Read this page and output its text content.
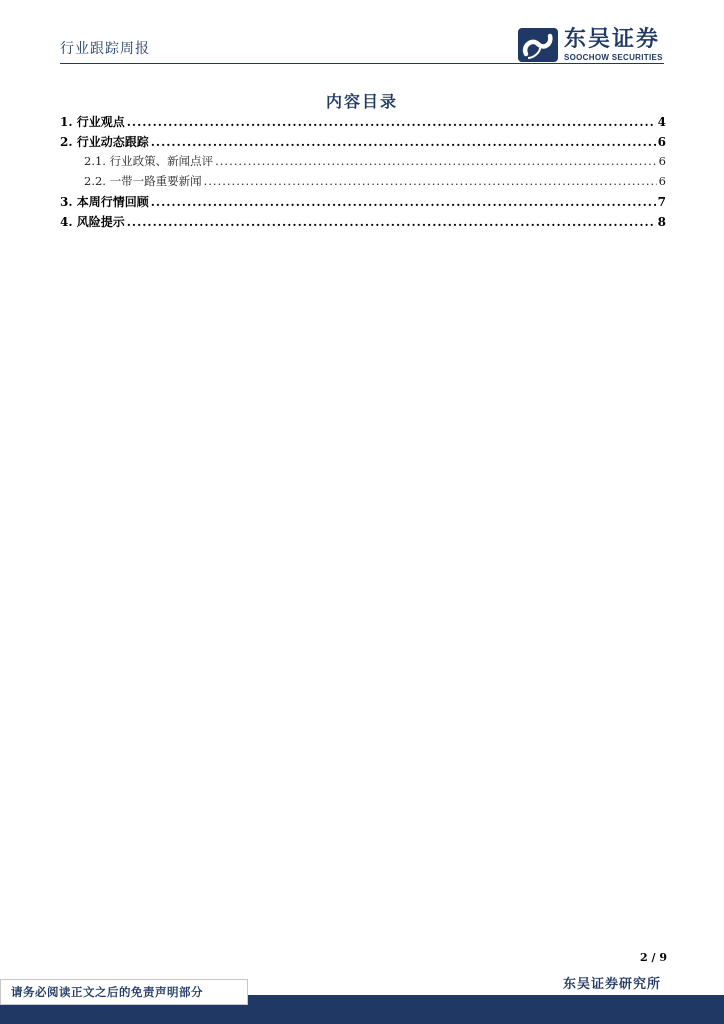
行业跟踪周报	东吴证券
SOOCHOW SECURITIES
内容目录
1. 行业观点 .....	4
2. 行业动态跟踪 .....	6
2.1. 行业政策、新闻点评 .....	6
2.2. 一带一路重要新闻 .....	6
3. 本周行情回顾 .....	7
4. 风险提示 .....	8
2 / 9
东吴证券研究所
请务必阅读正文之后的免责声明部分
